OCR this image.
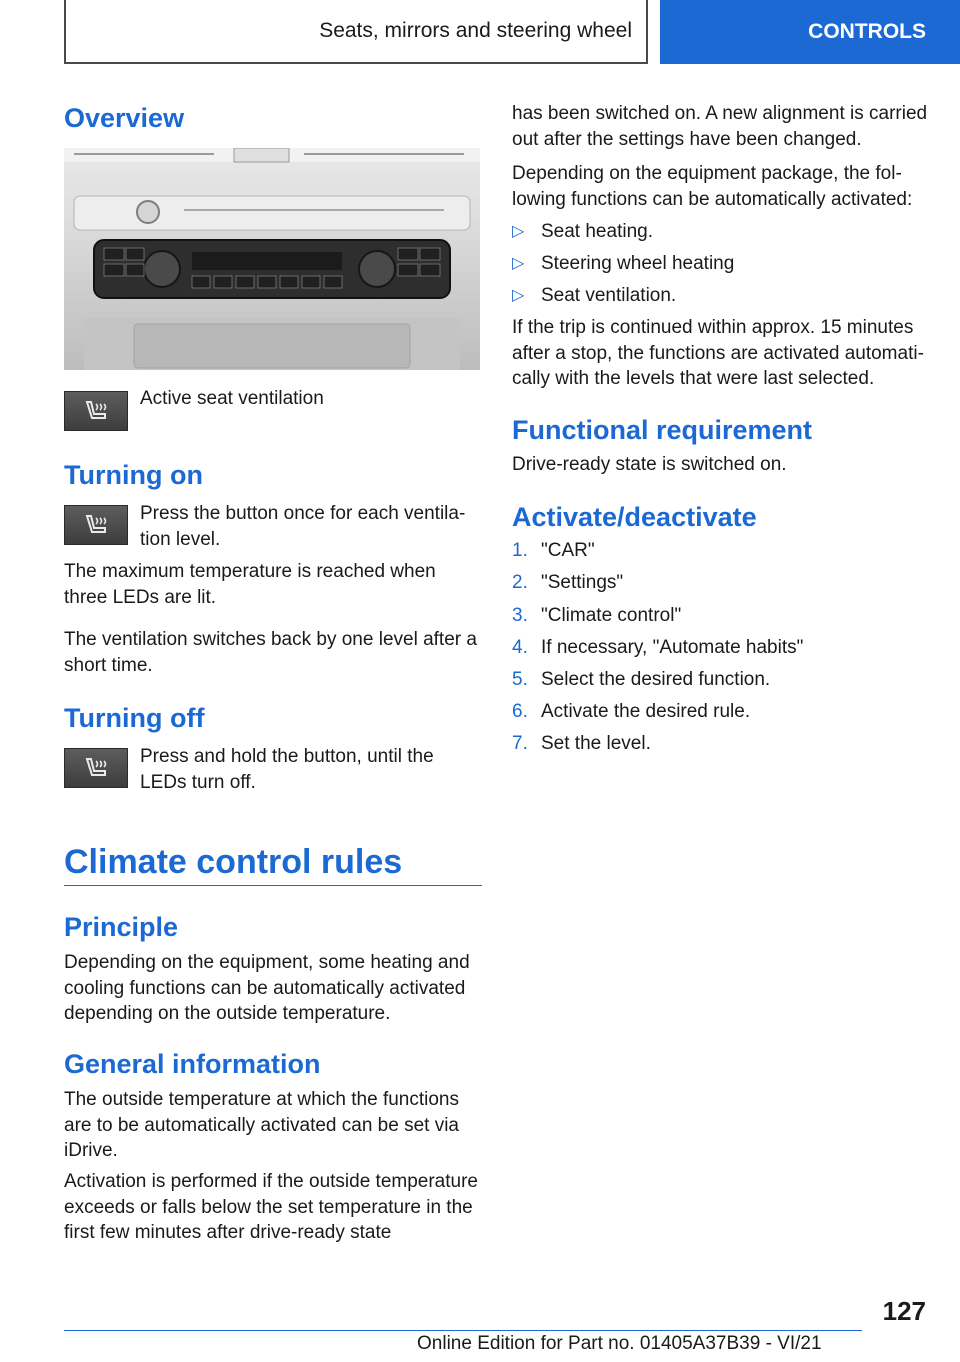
Seats, mirrors and steering wheel	CONTROLS
Overview

Active seat ventilation

Turning on

Press the button once for each ventilation level.

The maximum temperature is reached when three LEDs are lit.

The ventilation switches back by one level after a short time.

Turning off

Press and hold the button, until the LEDs turn off.

Climate control rules
Principle

Depending on the equipment, some heating and cooling functions can be automatically activated depending on the outside temperature.

General information

The outside temperature at which the functions are to be automatically activated can be set via iDrive.

Activation is performed if the outside temperature exceeds or falls below the set temperature in the first few minutes after drive-ready state

has been switched on. A new alignment is carried out after the settings have been changed.

Depending on the equipment package, the following functions can be automatically activated:

▷ Seat heating.
▷ Steering wheel heating
▷ Seat ventilation.

If the trip is continued within approx. 15 minutes after a stop, the functions are activated automatically with the levels that were last selected.

Functional requirement

Drive-ready state is switched on.

Activate/deactivate
1. "CAR"
2. "Settings"
3. "Climate control"
4. If necessary, "Automate habits"
5. Select the desired function.
6. Activate the desired rule.
7. Set the level.
127
Online Edition for Part no. 01405A37B39 - VI/21
